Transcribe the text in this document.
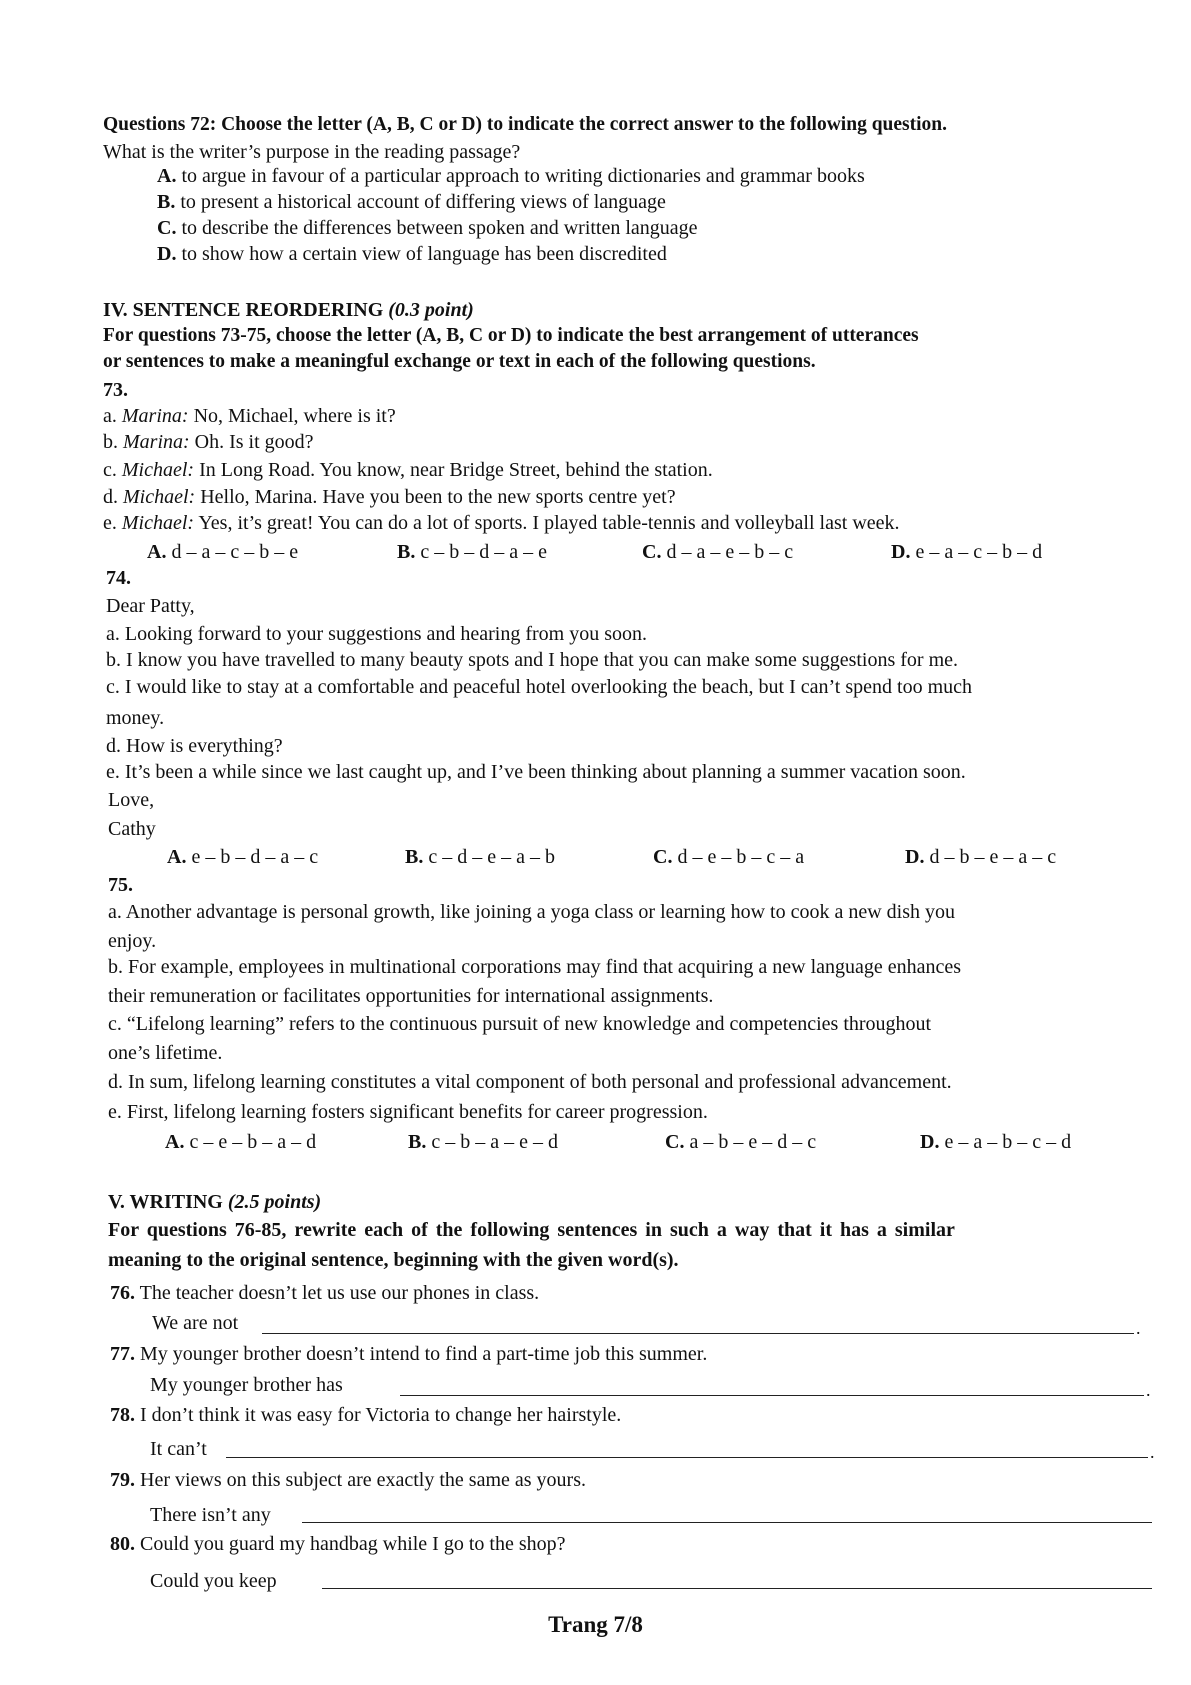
Questions 72: Choose the letter (A, B, C or D) to indicate the correct answer to the following question.
What is the writer’s purpose in the reading passage?
A. to argue in favour of a particular approach to writing dictionaries and grammar books
B. to present a historical account of differing views of language
C. to describe the differences between spoken and written language
D. to show how a certain view of language has been discredited
IV. SENTENCE REORDERING (0.3 point)
For questions 73-75, choose the letter (A, B, C or D) to indicate the best arrangement of utterances
or sentences to make a meaningful exchange or text in each of the following questions.
73.
a. Marina: No, Michael, where is it?
b. Marina: Oh. Is it good?
c. Michael: In Long Road. You know, near Bridge Street, behind the station.
d. Michael: Hello, Marina. Have you been to the new sports centre yet?
e. Michael: Yes, it’s great! You can do a lot of sports. I played table-tennis and volleyball last week.
A. d – a – c – b – e	B. c – b – d – a – e	C. d – a – e – b – c	D. e – a – c – b – d
74.
Dear Patty,
a. Looking forward to your suggestions and hearing from you soon.
b. I know you have travelled to many beauty spots and I hope that you can make some suggestions for me.
c. I would like to stay at a comfortable and peaceful hotel overlooking the beach, but I can’t spend too much
money.
d. How is everything?
e. It’s been a while since we last caught up, and I’ve been thinking about planning a summer vacation soon.
Love,
Cathy
A. e – b – d – a – c	B. c – d – e – a – b	C. d – e – b – c – a	D. d – b – e – a – c
75.
a. Another advantage is personal growth, like joining a yoga class or learning how to cook a new dish you
enjoy.
b. For example, employees in multinational corporations may find that acquiring a new language enhances
their remuneration or facilitates opportunities for international assignments.
c. “Lifelong learning” refers to the continuous pursuit of new knowledge and competencies throughout
one’s lifetime.
d. In sum, lifelong learning constitutes a vital component of both personal and professional advancement.
e. First, lifelong learning fosters significant benefits for career progression.
A. c – e – b – a – d	B. c – b – a – e – d	C. a – b – e – d – c	D. e – a – b – c – d
V. WRITING (2.5 points)
For questions 76-85, rewrite each of the following sentences in such a way that it has a similar
meaning to the original sentence, beginning with the given word(s).
76. The teacher doesn’t let us use our phones in class.
We are not	.
77. My younger brother doesn’t intend to find a part-time job this summer.
My younger brother has	.
78. I don’t think it was easy for Victoria to change her hairstyle.
It can’t	.
79. Her views on this subject are exactly the same as yours.
There isn’t any
80. Could you guard my handbag while I go to the shop?
Could you keep
Trang 7/8
